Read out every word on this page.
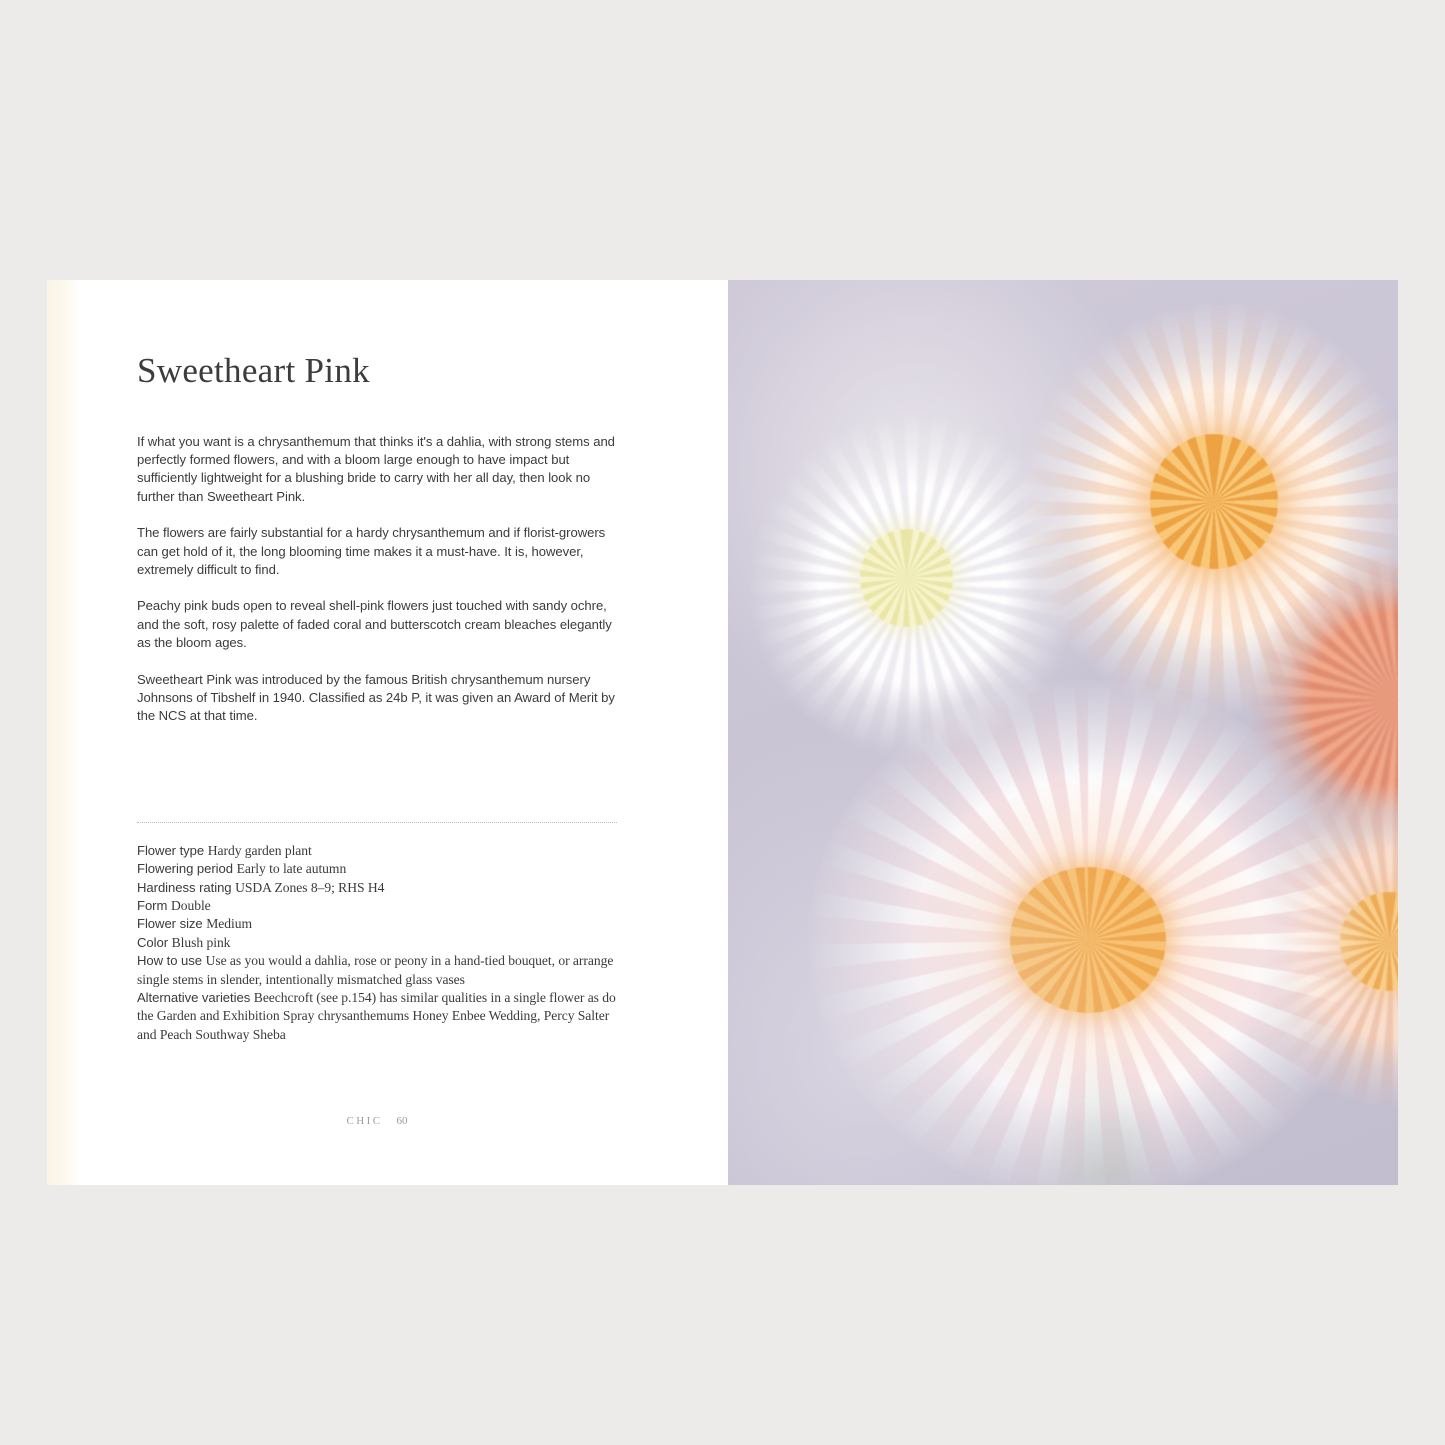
Sweetheart Pink

If what you want is a chrysanthemum that thinks it's a dahlia, with strong stems and perfectly formed flowers, and with a bloom large enough to have impact but sufficiently lightweight for a blushing bride to carry with her all day, then look no further than Sweetheart Pink.

The flowers are fairly substantial for a hardy chrysanthemum and if florist-growers can get hold of it, the long blooming time makes it a must-have. It is, however, extremely difficult to find.

Peachy pink buds open to reveal shell-pink flowers just touched with sandy ochre, and the soft, rosy palette of faded coral and butterscotch cream bleaches elegantly as the bloom ages.

Sweetheart Pink was introduced by the famous British chrysanthemum nursery Johnsons of Tibshelf in 1940. Classified as 24b P, it was given an Award of Merit by the NCS at that time.

Flower type Hardy garden plant
Flowering period Early to late autumn
Hardiness rating USDA Zones 8–9; RHS H4
Form Double
Flower size Medium
Color Blush pink
How to use Use as you would a dahlia, rose or peony in a hand-tied bouquet, or arrange single stems in slender, intentionally mismatched glass vases
Alternative varieties Beechcroft (see p.154) has similar qualities in a single flower as do the Garden and Exhibition Spray chrysanthemums Honey Enbee Wedding, Percy Salter and Peach Southway Sheba
CHIC 60
